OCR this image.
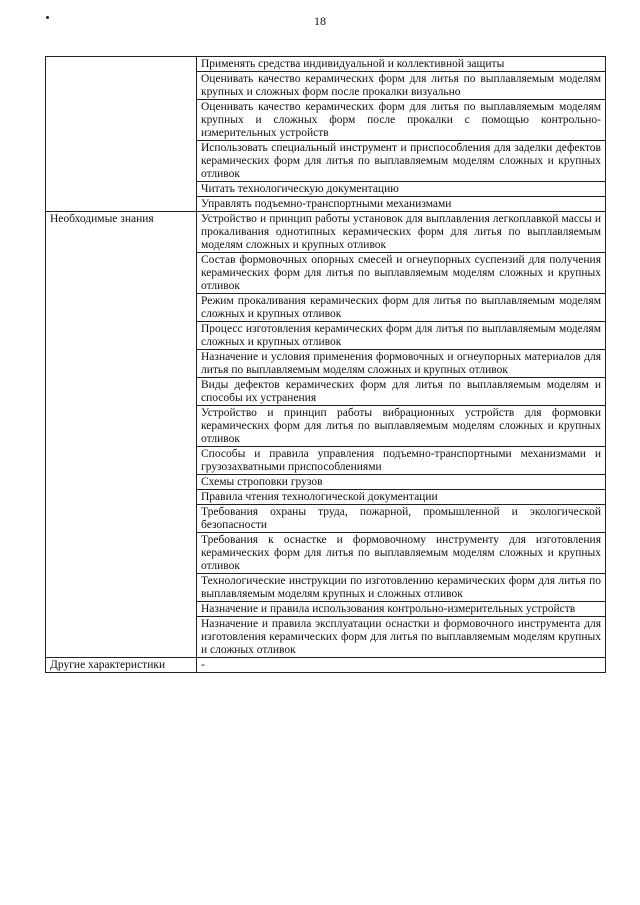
18
	Применять средства индивидуальной и коллективной защиты
	Оценивать качество керамических форм для литья по выплавляемым моделям крупных и сложных форм после прокалки визуально
	Оценивать качество керамических форм для литья по выплавляемым моделям крупных и сложных форм после прокалки с помощью контрольно-измерительных устройств
	Использовать специальный инструмент и приспособления для заделки дефектов керамических форм для литья по выплавляемым моделям сложных и крупных отливок
	Читать технологическую документацию
	Управлять подъемно-транспортными механизмами
Необходимые знания	Устройство и принцип работы установок для выплавления легкоплавкой массы и прокаливания однотипных керамических форм для литья по выплавляемым моделям сложных и крупных отливок
	Состав формовочных опорных смесей и огнеупорных суспензий для получения керамических форм для литья по выплавляемым моделям сложных и крупных отливок
	Режим прокаливания керамических форм для литья по выплавляемым моделям сложных и крупных отливок
	Процесс изготовления керамических форм для литья по выплавляемым моделям сложных и крупных отливок
	Назначение и условия применения формовочных и огнеупорных материалов для литья по выплавляемым моделям сложных и крупных отливок
	Виды дефектов керамических форм для литья по выплавляемым моделям и способы их устранения
	Устройство и принцип работы вибрационных устройств для формовки керамических форм для литья по выплавляемым моделям сложных и крупных отливок
	Способы и правила управления подъемно-транспортными механизмами и грузозахватными приспособлениями
	Схемы строповки грузов
	Правила чтения технологической документации
	Требования охраны труда, пожарной, промышленной и экологической безопасности
	Требования к оснастке и формовочному инструменту для изготовления керамических форм для литья по выплавляемым моделям сложных и крупных отливок
	Технологические инструкции по изготовлению керамических форм для литья по выплавляемым моделям крупных и сложных отливок
	Назначение и правила использования контрольно-измерительных устройств
	Назначение и правила эксплуатации оснастки и формовочного инструмента для изготовления керамических форм для литья по выплавляемым моделям крупных и сложных отливок
Другие характеристики	-
